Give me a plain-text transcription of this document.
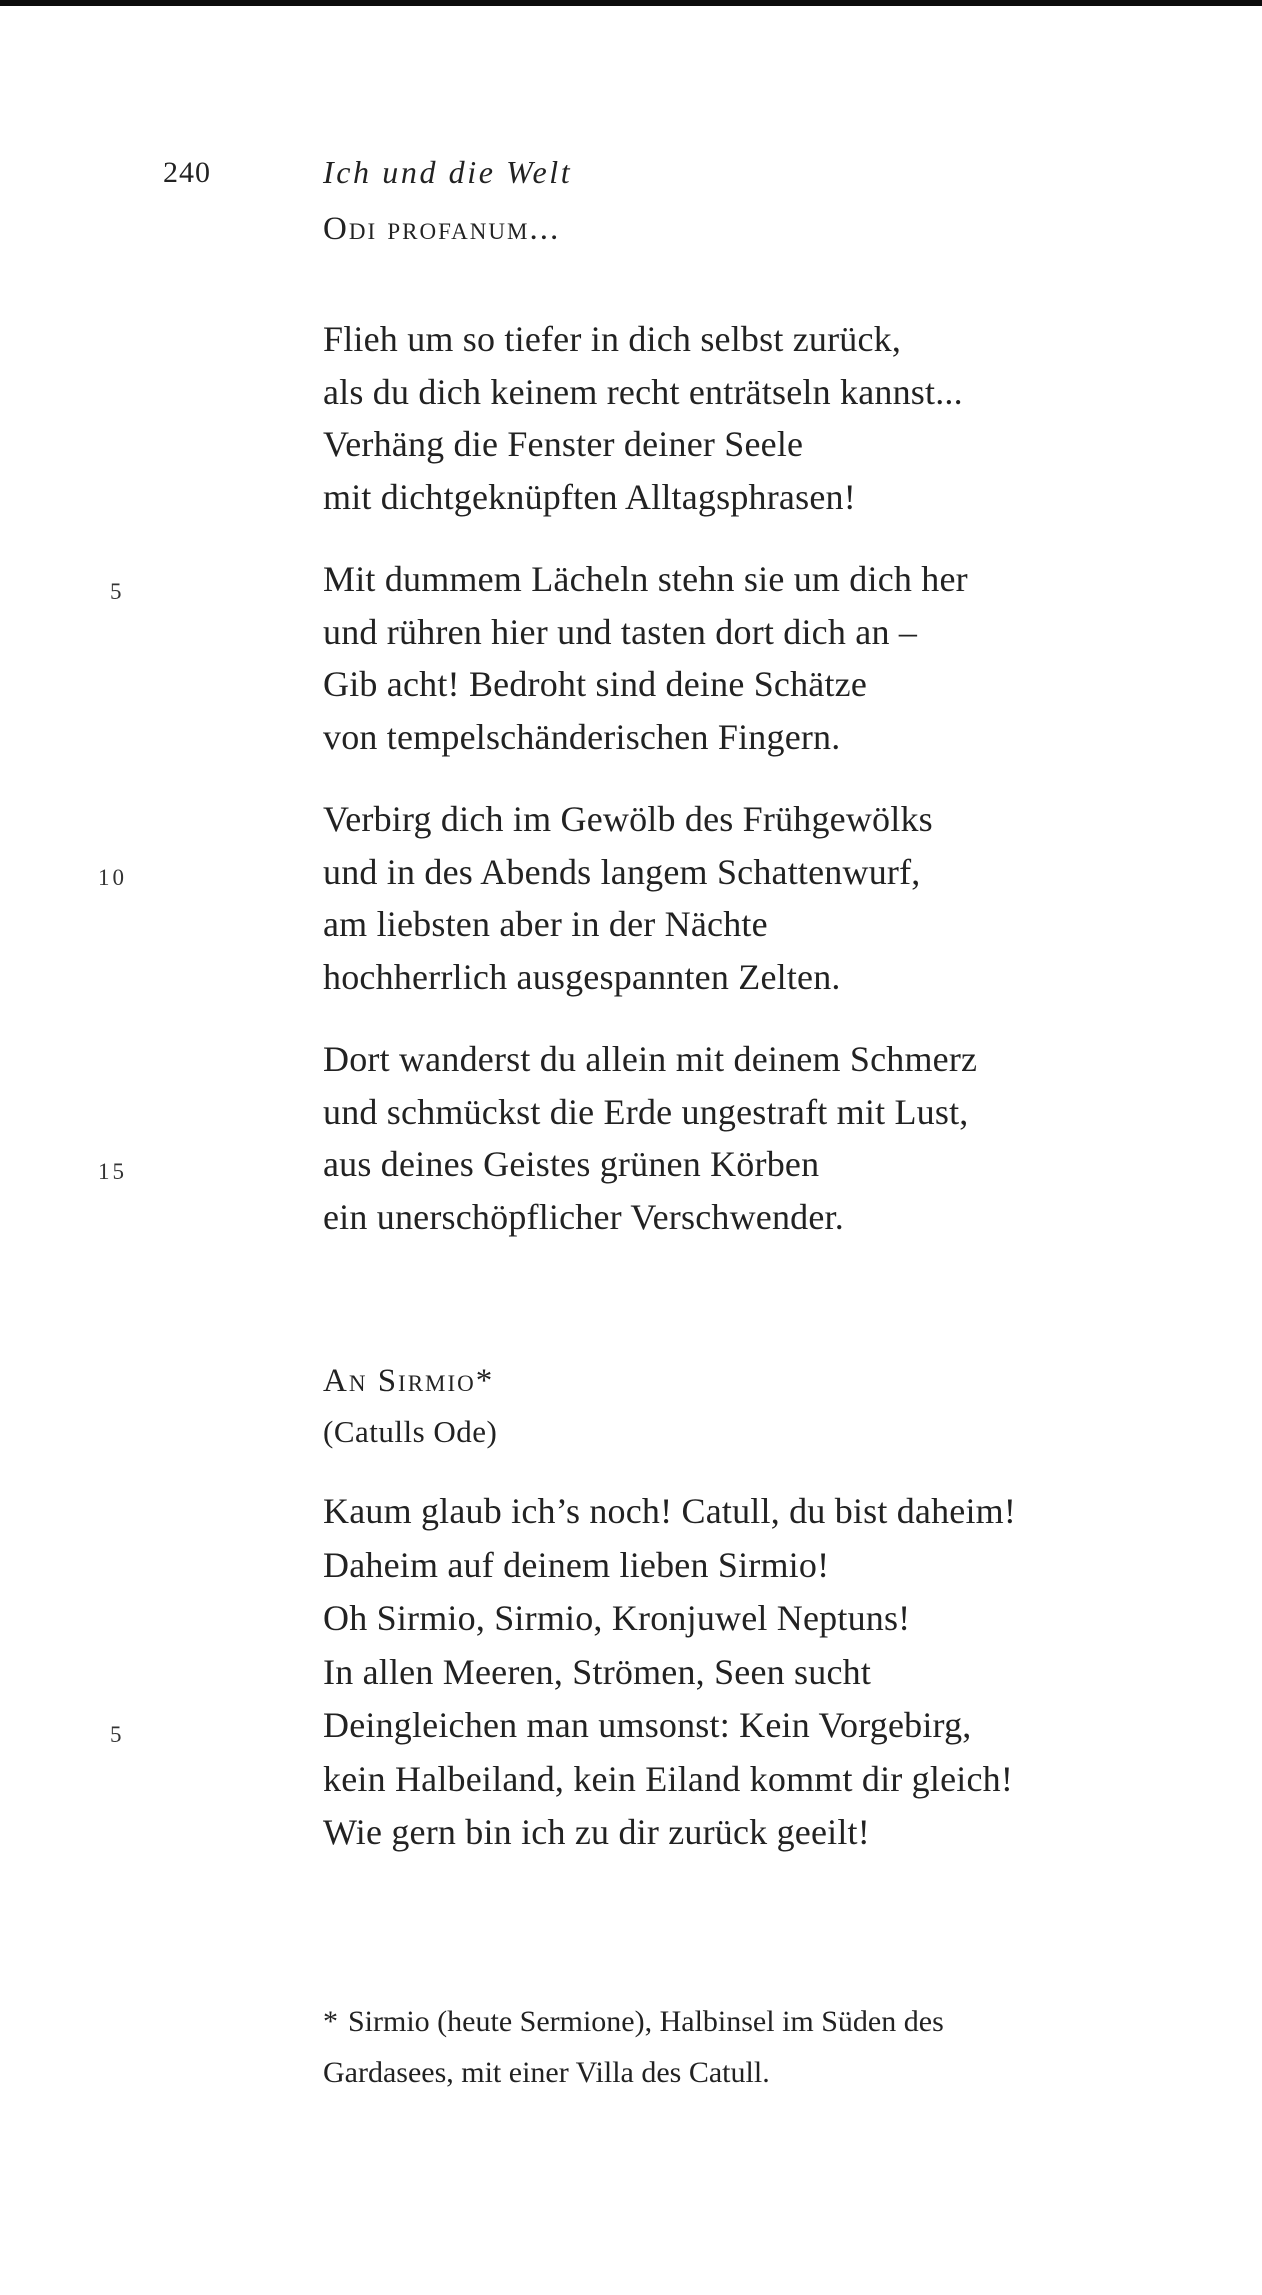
240	Ich und die Welt
Odi profanum...
Flieh um so tiefer in dich selbst zurück,
als du dich keinem recht enträtseln kannst...
Verhäng die Fenster deiner Seele
mit dichtgeknüpften Alltagsphrasen!
5	Mit dummem Lächeln stehn sie um dich her
und rühren hier und tasten dort dich an –
Gib acht! Bedroht sind deine Schätze
von tempelschänderischen Fingern.
10
Verbirg dich im Gewölb des Frühgewölks
und in des Abends langem Schattenwurf,
am liebsten aber in der Nächte
hochherrlich ausgespannten Zelten.
15
Dort wanderst du allein mit deinem Schmerz
und schmückst die Erde ungestraft mit Lust,
aus deines Geistes grünen Körben
ein unerschöpflicher Verschwender.
An Sirmio*
(Catulls Ode)
5
Kaum glaub ich’s noch! Catull, du bist daheim!
Daheim auf deinem lieben Sirmio!
Oh Sirmio, Sirmio, Kronjuwel Neptuns!
In allen Meeren, Strömen, Seen sucht
Deingleichen man umsonst: Kein Vorgebirg,
kein Halbeiland, kein Eiland kommt dir gleich!
Wie gern bin ich zu dir zurück geeilt!
* Sirmio (heute Sermione), Halbinsel im Süden des
Gardasees, mit einer Villa des Catull.
